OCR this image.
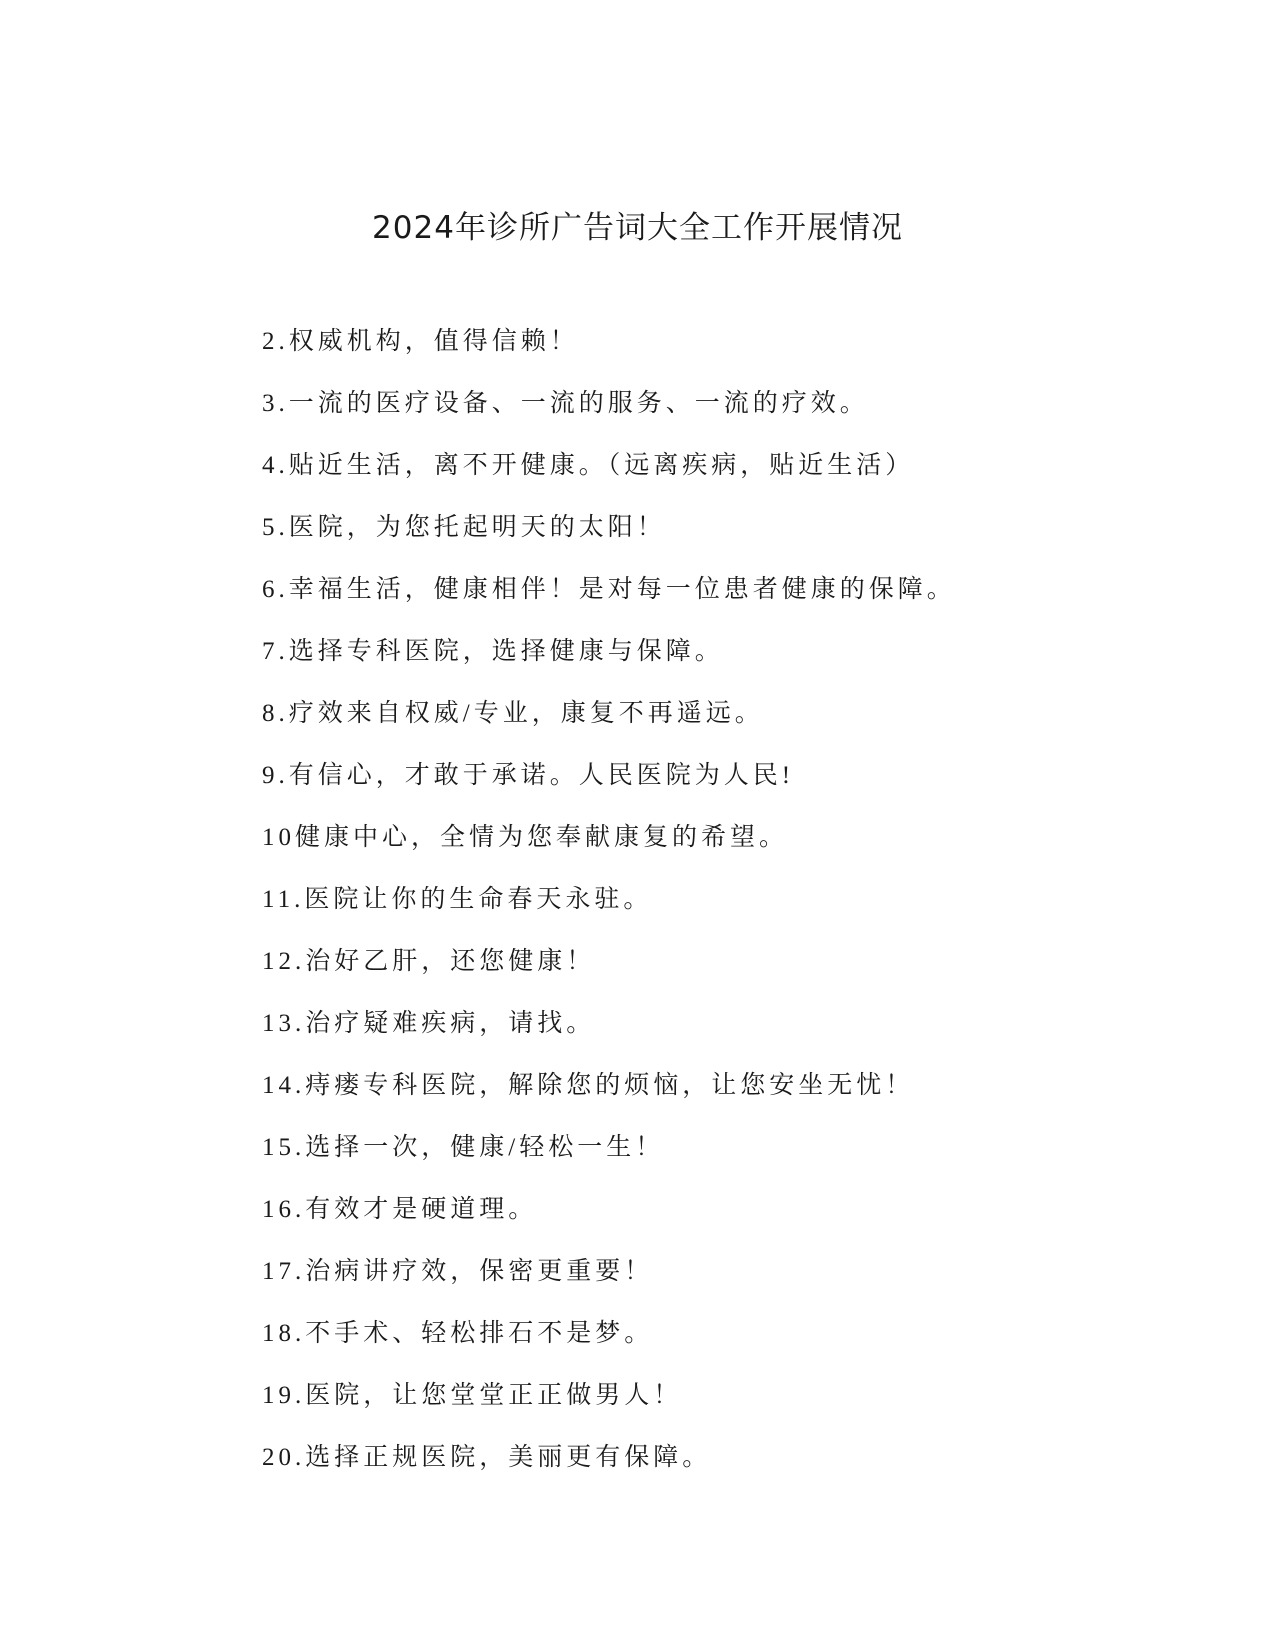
2024年诊所广告词大全工作开展情况
2.权威机构，值得信赖！
3.一流的医疗设备、一流的服务、一流的疗效。
4.贴近生活，离不开健康。（远离疾病，贴近生活）
5.医院，为您托起明天的太阳！
6.幸福生活，健康相伴！是对每一位患者健康的保障。
7.选择专科医院，选择健康与保障。
8.疗效来自权威/专业，康复不再遥远。
9.有信心，才敢于承诺。人民医院为人民!
10健康中心，全情为您奉献康复的希望。
11.医院让你的生命春天永驻。
12.治好乙肝，还您健康！
13.治疗疑难疾病，请找。
14.痔瘘专科医院，解除您的烦恼，让您安坐无忧！
15.选择一次，健康/轻松一生！
16.有效才是硬道理。
17.治病讲疗效，保密更重要！
18.不手术、轻松排石不是梦。
19.医院，让您堂堂正正做男人！
20.选择正规医院，美丽更有保障。
